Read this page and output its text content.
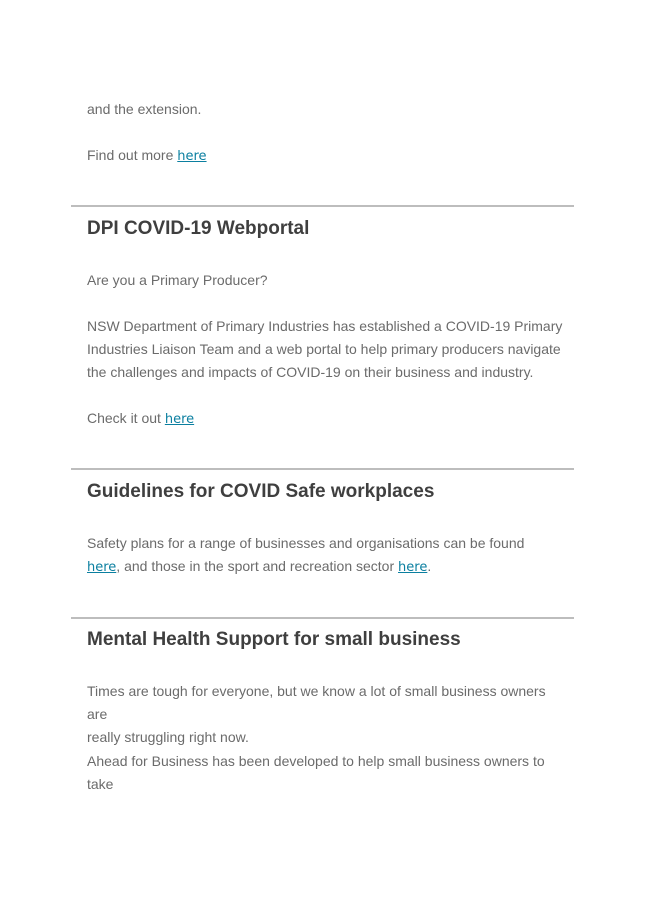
and the extension.

Find out more here

DPI COVID-19 Webportal

Are you a Primary Producer?

NSW Department of Primary Industries has established a COVID-19 Primary
Industries Liaison Team and a web portal to help primary producers navigate
the challenges and impacts of COVID-19 on their business and industry.

Check it out here

Guidelines for COVID Safe workplaces

Safety plans for a range of businesses and organisations can be found
here, and those in the sport and recreation sector here.

Mental Health Support for small business

Times are tough for everyone, but we know a lot of small business owners are
really struggling right now.

Ahead for Business has been developed to help small business owners to take
